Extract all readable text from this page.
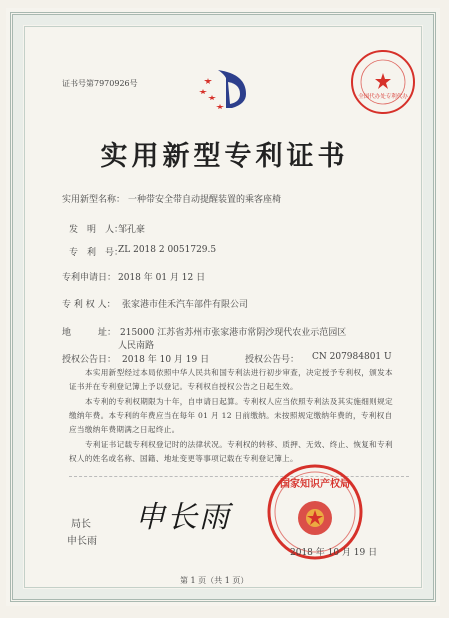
证书号第7970926号
全国代办处专利代办
实用新型专利证书
实用新型名称： 一种带安全带自动提醒装置的乘客座椅
发　明　人：
邹孔豪
专　利　号：
ZL 2018 2 0051729.5
专利申请日： 2018 年 01 月 12 日
专 利 权 人： 张家港市佳禾汽车部件有限公司
地　　　址： 215000 江苏省苏州市张家港市常阴沙现代农业示范园区
人民南路
授权公告日： 2018 年 10 月 19 日	授权公告号： CN 207984801 U
本实用新型经过本局依照中华人民共和国专利法进行初步审查，决定授予专利权，颁发本证书并在专利登记簿上予以登记。专利权自授权公告之日起生效。
本专利的专利权期限为十年，自申请日起算。专利权人应当依照专利法及其实施细则规定缴纳年费。本专利的年费应当在每年 01 月 12 日前缴纳。未按照规定缴纳年费的，专利权自应当缴纳年费期满之日起终止。
专利证书记载专利权登记时的法律状况。专利权的转移、质押、无效、终止、恢复和专利权人的姓名或名称、国籍、地址变更等事项记载在专利登记簿上。
局长
申长雨
申长雨
国家知识产权局
2018 年 10 月 19 日
第 1 页（共 1 页）
